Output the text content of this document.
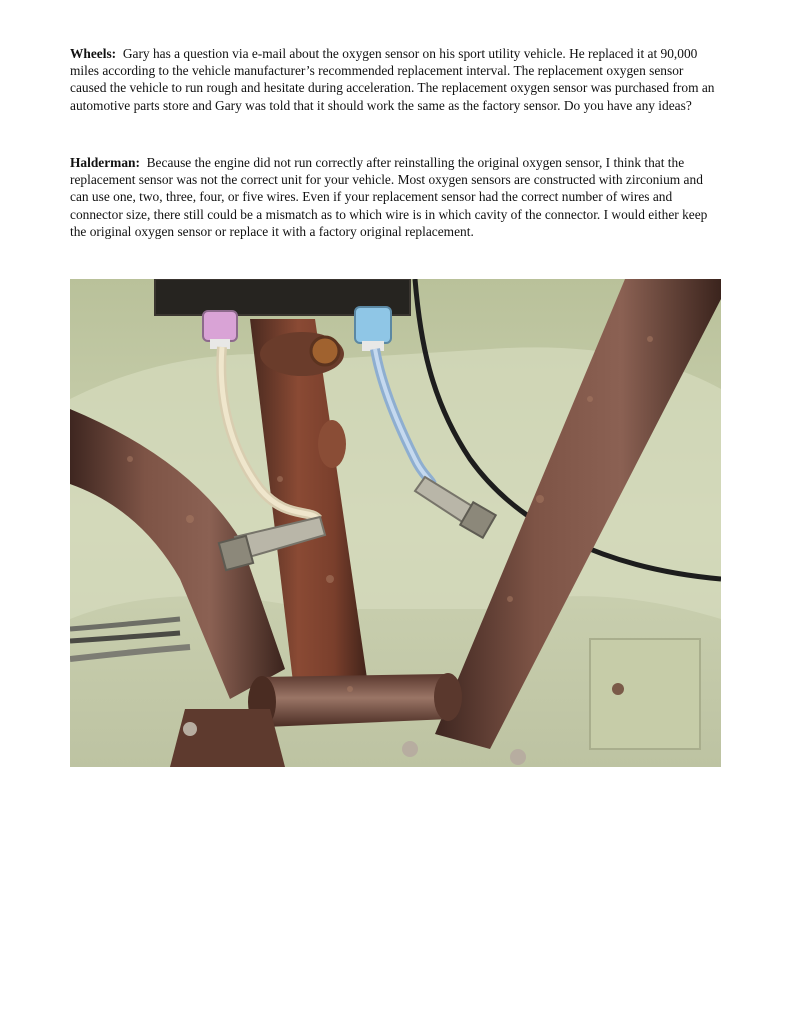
Wheels: Gary has a question via e-mail about the oxygen sensor on his sport utility vehicle. He replaced it at 90,000 miles according to the vehicle manufacturer’s recommended replacement interval. The replacement oxygen sensor caused the vehicle to run rough and hesitate during acceleration. The replacement oxygen sensor was purchased from an automotive parts store and Gary was told that it should work the same as the factory sensor. Do you have any ideas?

Halderman: Because the engine did not run correctly after reinstalling the original oxygen sensor, I think that the replacement sensor was not the correct unit for your vehicle. Most oxygen sensors are constructed with zirconium and can use one, two, three, four, or five wires. Even if your replacement sensor had the correct number of wires and connector size, there still could be a mismatch as to which wire is in which cavity of the connector. I would either keep the original oxygen sensor or replace it with a factory original replacement.
